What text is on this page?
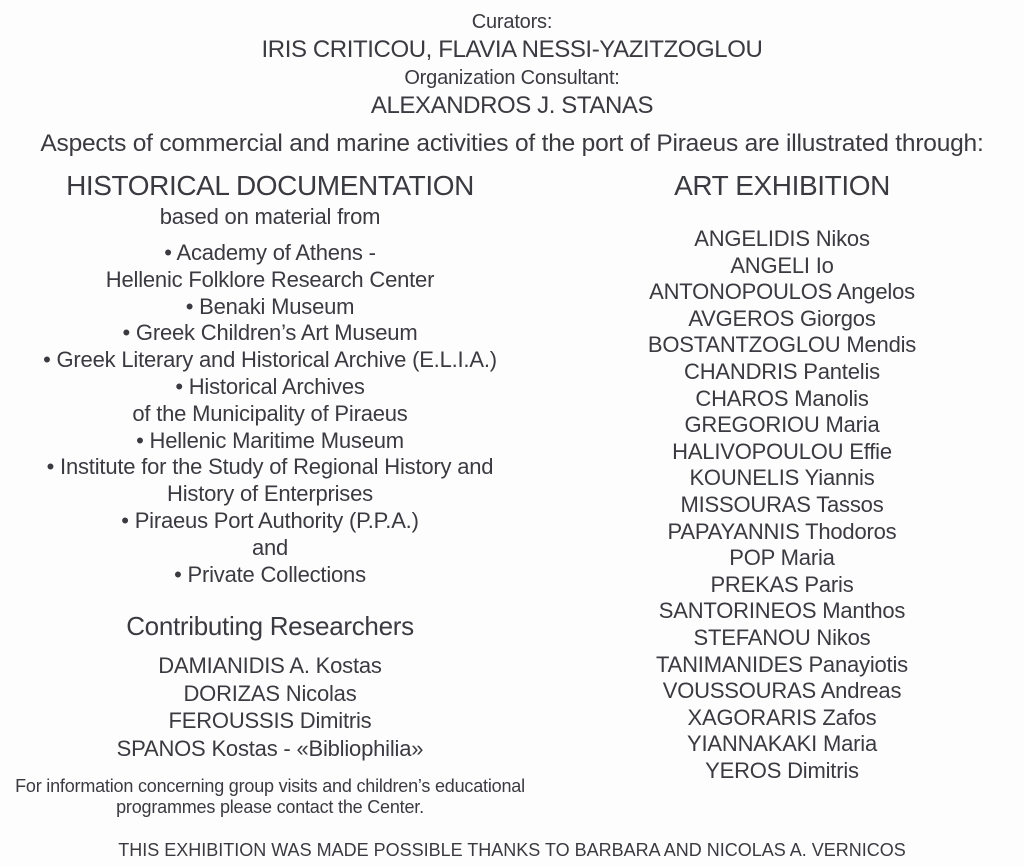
Curators:
IRIS CRITICOU, FLAVIA NESSI-YAZITZOGLOU
Organization Consultant:
ALEXANDROS J. STANAS

Aspects of commercial and marine activities of the port of Piraeus are illustrated through:

HISTORICAL DOCUMENTATION
based on material from
• Academy of Athens -
Hellenic Folklore Research Center
• Benaki Museum
• Greek Children’s Art Museum
• Greek Literary and Historical Archive (E.L.I.A.)
• Historical Archives
of the Municipality of Piraeus
• Hellenic Maritime Museum
• Institute for the Study of Regional History and
History of Enterprises
• Piraeus Port Authority (P.P.A.)
and
• Private Collections
Contributing Researchers
DAMIANIDIS A. Kostas
DORIZAS Nicolas
FEROUSSIS Dimitris
SPANOS Kostas - «Bibliophilia»
For information concerning group visits and children’s educational
programmes please contact the Center.
ART EXHIBITION
ANGELIDIS Nikos
ANGELI Io
ANTONOPOULOS Angelos
AVGEROS Giorgos
BOSTANTZOGLOU Mendis
CHANDRIS Pantelis
CHAROS Manolis
GREGORIOU Maria
HALIVOPOULOU Effie
KOUNELIS Yiannis
MISSOURAS Tassos
PAPAYANNIS Thodoros
POP Maria
PREKAS Paris
SANTORINEOS Manthos
STEFANOU Nikos
TANIMANIDES Panayiotis
VOUSSOURAS Andreas
XAGORARIS Zafos
YIANNAKAKI Maria
YEROS Dimitris
THIS EXHIBITION WAS MADE POSSIBLE THANKS TO BARBARA AND NICOLAS A. VERNICOS
